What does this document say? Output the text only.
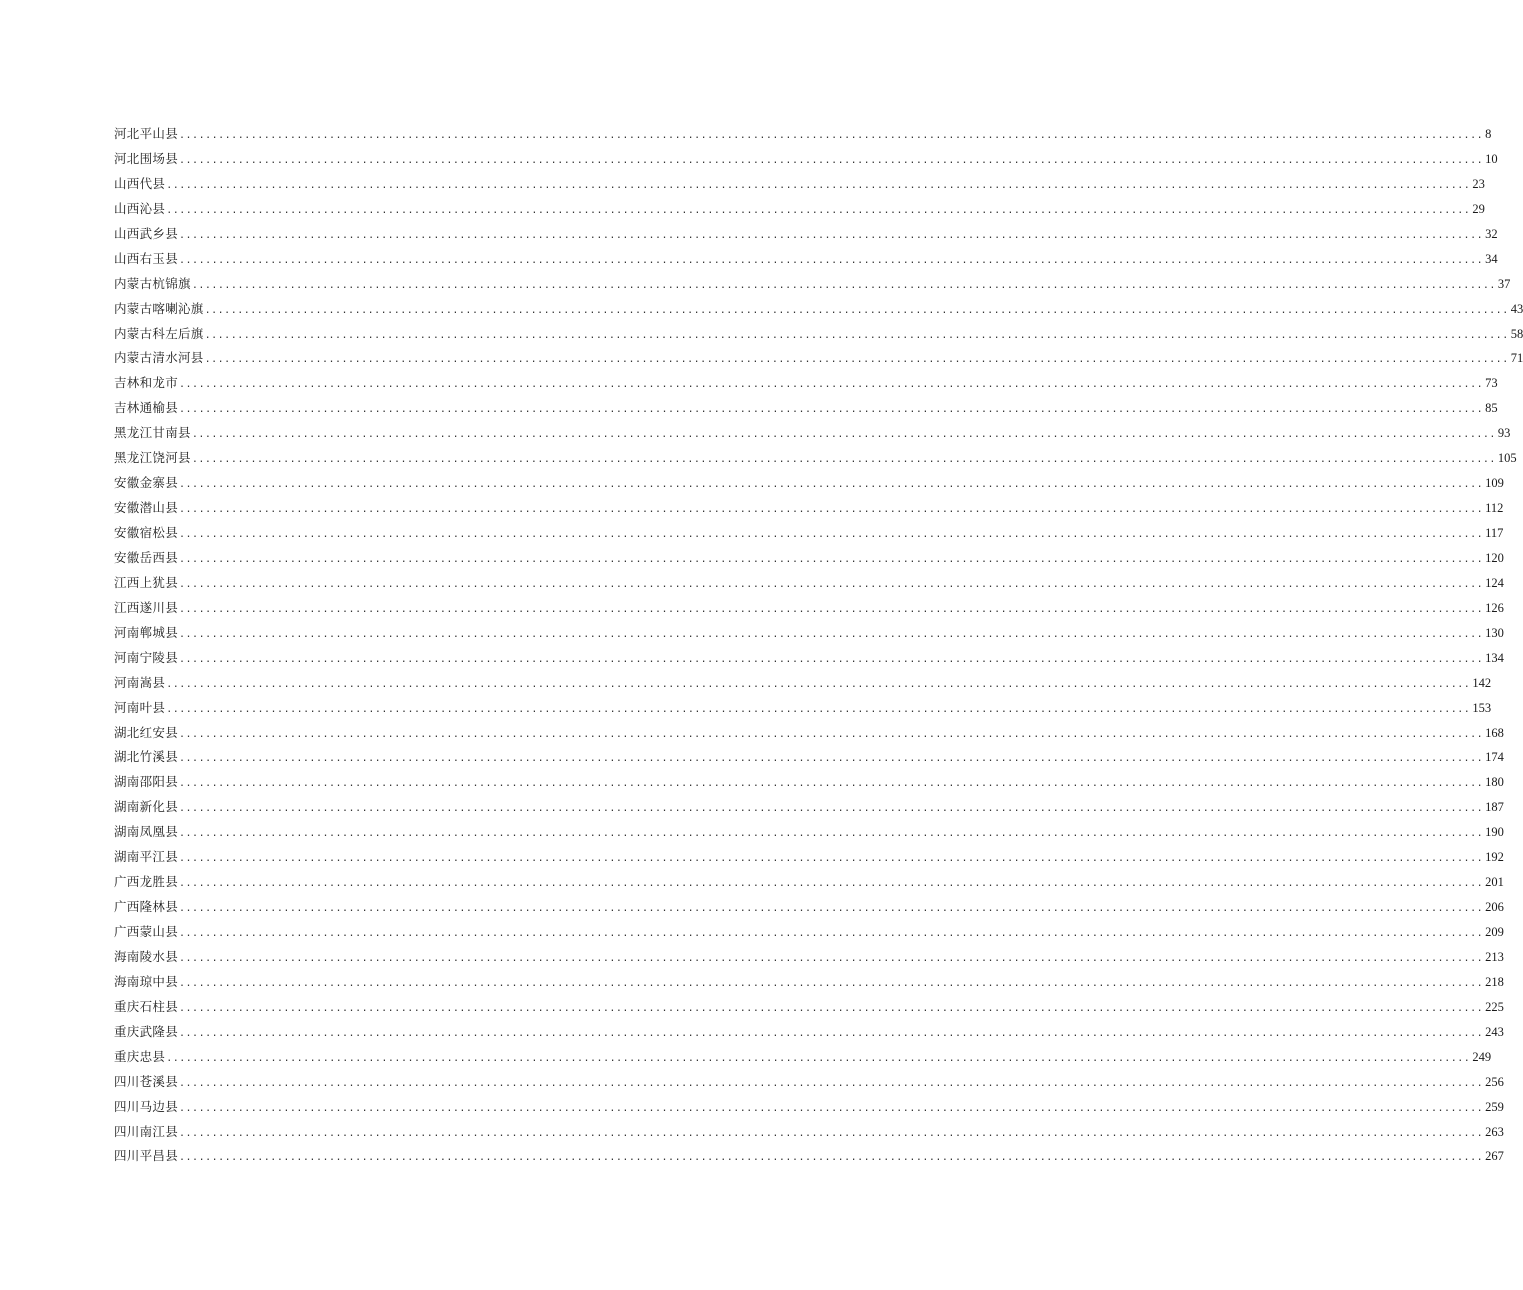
河北平山县 ........................................................................................................................................................................................................ 8
河北围场县 ........................................................................................................................................................................................................ 10
山西代县 ........................................................................................................................................................................................................ 23
山西沁县 ........................................................................................................................................................................................................ 29
山西武乡县 ........................................................................................................................................................................................................ 32
山西右玉县 ........................................................................................................................................................................................................ 34
内蒙古杭锦旗 ........................................................................................................................................................................................................ 37
内蒙古喀喇沁旗 ........................................................................................................................................................................................................ 43
内蒙古科左后旗 ........................................................................................................................................................................................................ 58
内蒙古清水河县 ........................................................................................................................................................................................................ 71
吉林和龙市 ........................................................................................................................................................................................................ 73
吉林通榆县 ........................................................................................................................................................................................................ 85
黑龙江甘南县 ........................................................................................................................................................................................................ 93
黑龙江饶河县 ........................................................................................................................................................................................................ 105
安徽金寨县 ........................................................................................................................................................................................................ 109
安徽潜山县 ........................................................................................................................................................................................................ 112
安徽宿松县 ........................................................................................................................................................................................................ 117
安徽岳西县 ........................................................................................................................................................................................................ 120
江西上犹县 ........................................................................................................................................................................................................ 124
江西遂川县 ........................................................................................................................................................................................................ 126
河南郸城县 ........................................................................................................................................................................................................ 130
河南宁陵县 ........................................................................................................................................................................................................ 134
河南嵩县 ........................................................................................................................................................................................................ 142
河南叶县 ........................................................................................................................................................................................................ 153
湖北红安县 ........................................................................................................................................................................................................ 168
湖北竹溪县 ........................................................................................................................................................................................................ 174
湖南邵阳县 ........................................................................................................................................................................................................ 180
湖南新化县 ........................................................................................................................................................................................................ 187
湖南凤凰县 ........................................................................................................................................................................................................ 190
湖南平江县 ........................................................................................................................................................................................................ 192
广西龙胜县 ........................................................................................................................................................................................................ 201
广西隆林县 ........................................................................................................................................................................................................ 206
广西蒙山县 ........................................................................................................................................................................................................ 209
海南陵水县 ........................................................................................................................................................................................................ 213
海南琼中县 ........................................................................................................................................................................................................ 218
重庆石柱县 ........................................................................................................................................................................................................ 225
重庆武隆县 ........................................................................................................................................................................................................ 243
重庆忠县 ........................................................................................................................................................................................................ 249
四川苍溪县 ........................................................................................................................................................................................................ 256
四川马边县 ........................................................................................................................................................................................................ 259
四川南江县 ........................................................................................................................................................................................................ 263
四川平昌县 ........................................................................................................................................................................................................ 267
